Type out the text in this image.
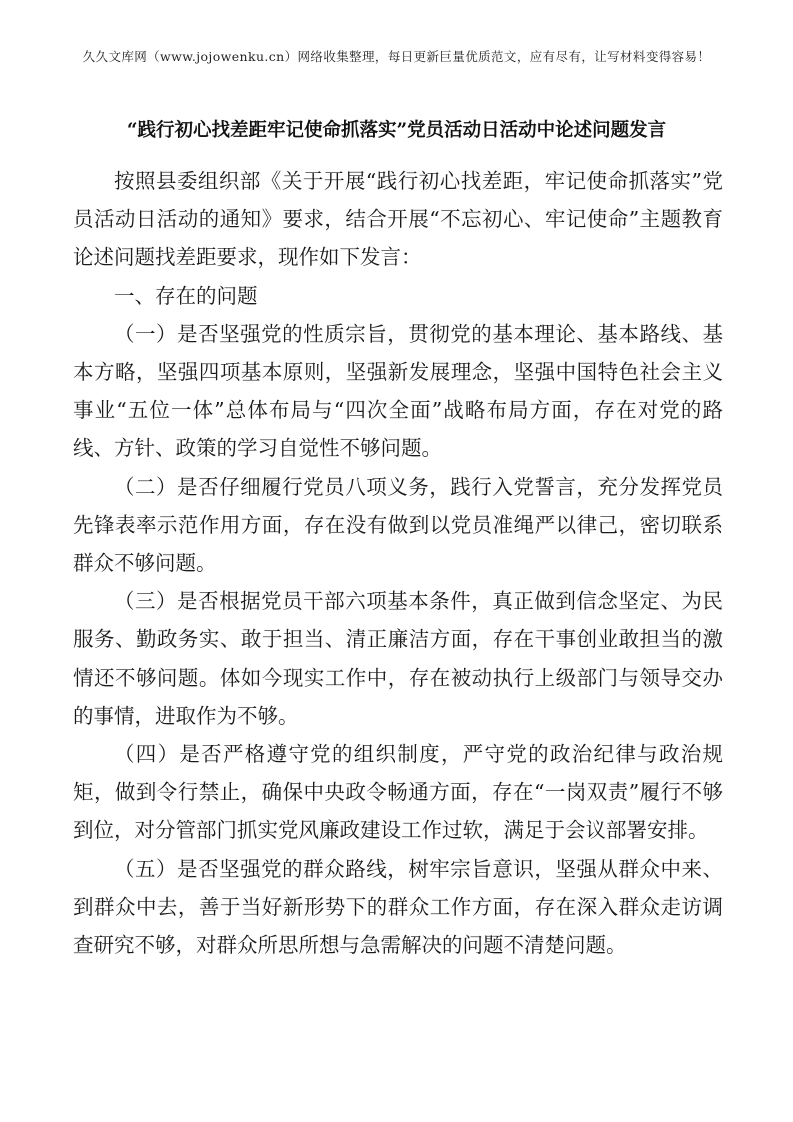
久久文库网（www.jojowenku.cn）网络收集整理，每日更新巨量优质范文，应有尽有，让写材料变得容易！
“践行初心找差距牢记使命抓落实”党员活动日活动中论述问题发言

按照县委组织部《关于开展“践行初心找差距，牢记使命抓落实”党员活动日活动的通知》要求，结合开展“不忘初心、牢记使命”主题教育论述问题找差距要求，现作如下发言：

一、存在的问题

（一）是否坚强党的性质宗旨，贯彻党的基本理论、基本路线、基本方略，坚强四项基本原则，坚强新发展理念，坚强中国特色社会主义事业“五位一体”总体布局与“四次全面”战略布局方面，存在对党的路线、方针、政策的学习自觉性不够问题。

（二）是否仔细履行党员八项义务，践行入党誓言，充分发挥党员先锋表率示范作用方面，存在没有做到以党员准绳严以律己，密切联系群众不够问题。

（三）是否根据党员干部六项基本条件，真正做到信念坚定、为民服务、勤政务实、敢于担当、清正廉洁方面，存在干事创业敢担当的激情还不够问题。体如今现实工作中，存在被动执行上级部门与领导交办的事情，进取作为不够。

（四）是否严格遵守党的组织制度，严守党的政治纪律与政治规矩，做到令行禁止，确保中央政令畅通方面，存在“一岗双责”履行不够到位，对分管部门抓实党风廉政建设工作过软，满足于会议部署安排。

（五）是否坚强党的群众路线，树牢宗旨意识，坚强从群众中来、到群众中去，善于当好新形势下的群众工作方面，存在深入群众走访调查研究不够，对群众所思所想与急需解决的问题不清楚问题。
